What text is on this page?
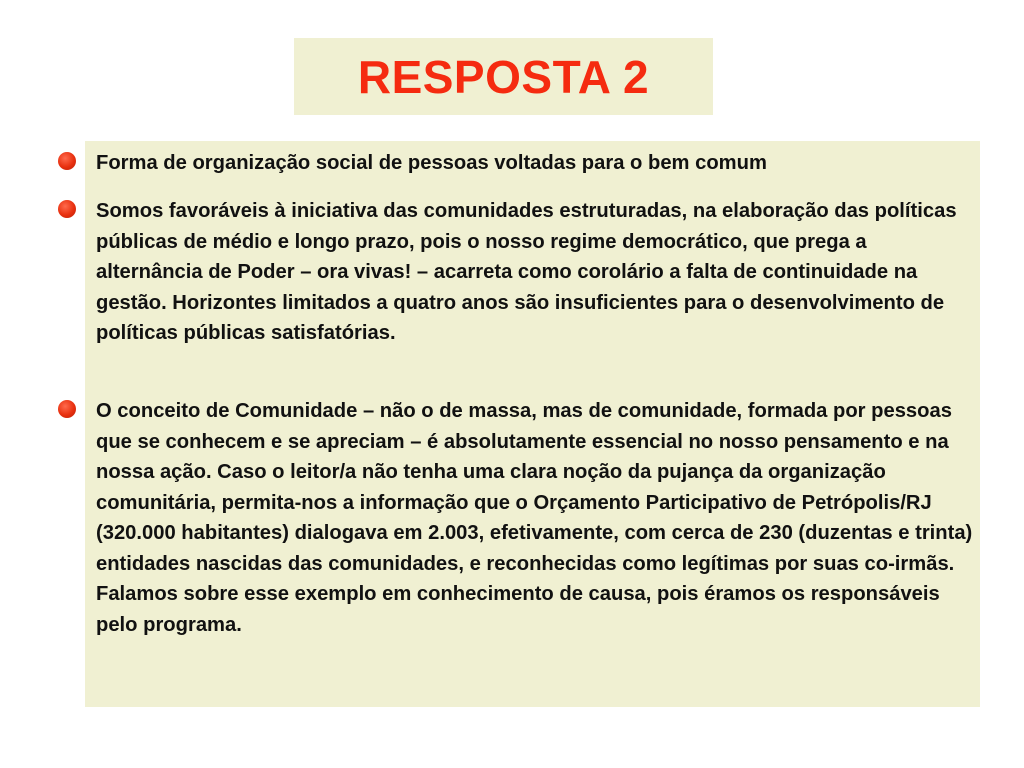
RESPOSTA 2

Forma de organização social de pessoas voltadas para o bem comum

Somos favoráveis à iniciativa das comunidades estruturadas, na elaboração das políticas públicas de médio e longo prazo, pois o nosso regime democrático, que prega a alternância de Poder – ora vivas! – acarreta como corolário a falta de continuidade na gestão. Horizontes limitados a quatro anos são insuficientes para o desenvolvimento de políticas públicas satisfatórias.

O conceito de Comunidade – não o de massa, mas de comunidade, formada por pessoas que se conhecem e se apreciam – é absolutamente essencial no nosso pensamento e na nossa ação. Caso o leitor/a não tenha uma clara noção da pujança da organização comunitária, permita-nos a informação que o Orçamento Participativo de Petrópolis/RJ (320.000 habitantes) dialogava em 2.003, efetivamente, com cerca de 230 (duzentas e trinta) entidades nascidas das comunidades, e reconhecidas como legítimas por suas co-irmãs. Falamos sobre esse exemplo em conhecimento de causa, pois éramos os responsáveis pelo programa.
